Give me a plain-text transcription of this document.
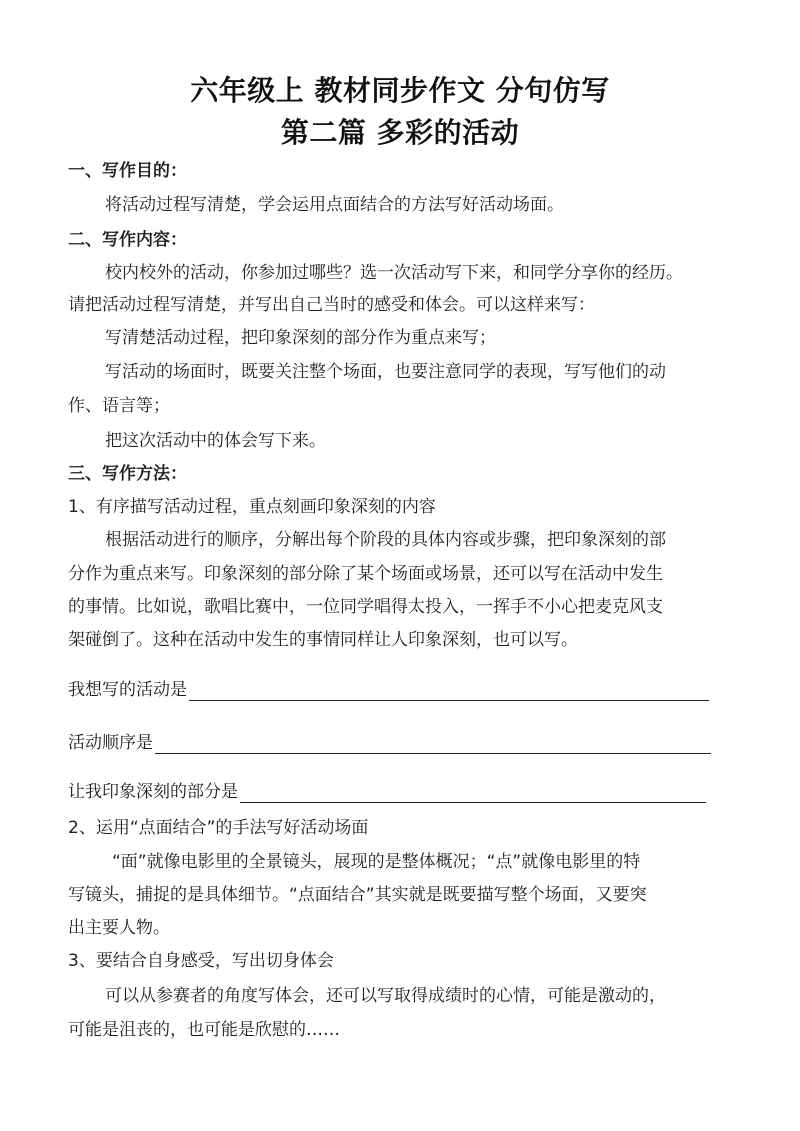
六年级上 教材同步作文 分句仿写
第二篇 多彩的活动
一、写作目的：
将活动过程写清楚，学会运用点面结合的方法写好活动场面。
二、写作内容：
校内校外的活动，你参加过哪些？选一次活动写下来，和同学分享你的经历。
请把活动过程写清楚，并写出自己当时的感受和体会。可以这样来写：
写清楚活动过程，把印象深刻的部分作为重点来写；
写活动的场面时，既要关注整个场面，也要注意同学的表现，写写他们的动
作、语言等；
把这次活动中的体会写下来。
三、写作方法：
1、有序描写活动过程，重点刻画印象深刻的内容
根据活动进行的顺序，分解出每个阶段的具体内容或步骤，把印象深刻的部
分作为重点来写。印象深刻的部分除了某个场面或场景，还可以写在活动中发生
的事情。比如说，歌唱比赛中，一位同学唱得太投入，一挥手不小心把麦克风支
架碰倒了。这种在活动中发生的事情同样让人印象深刻，也可以写。
我想写的活动是
活动顺序是
让我印象深刻的部分是
2、运用“点面结合”的手法写好活动场面
“面”就像电影里的全景镜头，展现的是整体概况；“点”就像电影里的特
写镜头，捕捉的是具体细节。“点面结合”其实就是既要描写整个场面，又要突
出主要人物。
3、要结合自身感受，写出切身体会
可以从参赛者的角度写体会，还可以写取得成绩时的心情，可能是激动的，
可能是沮丧的，也可能是欣慰的……
